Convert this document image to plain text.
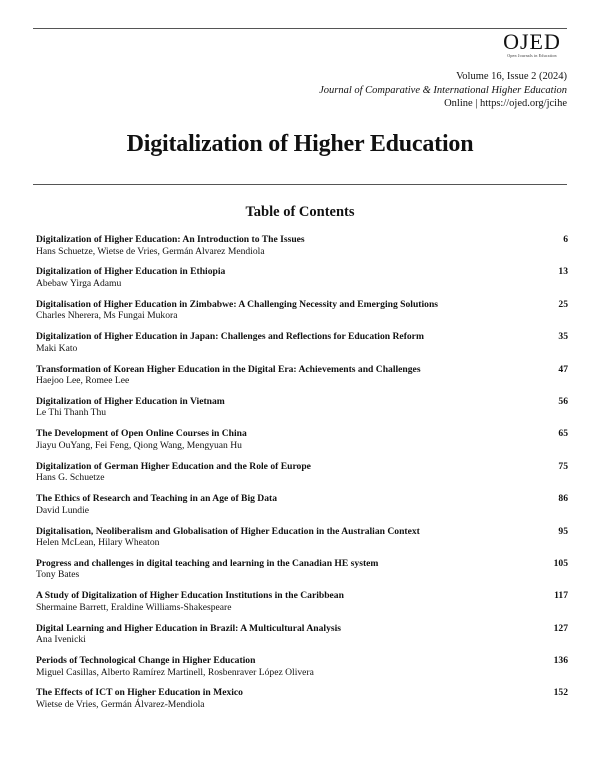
OJED
Open Journals in Education
Volume 16, Issue 2 (2024)
Journal of Comparative & International Higher Education
Online | https://ojed.org/jcihe
Digitalization of Higher Education
Table of Contents
Digitalization of Higher Education: An Introduction to The Issues
Hans Schuetze, Wietse de Vries, Germán Alvarez Mendiola
6
Digitalization of Higher Education in Ethiopia
Abebaw Yirga Adamu
13
Digitalisation of Higher Education in Zimbabwe: A Challenging Necessity and Emerging Solutions
Charles Nherera, Ms Fungai Mukora
25
Digitalization of Higher Education in Japan: Challenges and Reflections for Education Reform
Maki Kato
35
Transformation of Korean Higher Education in the Digital Era: Achievements and Challenges
Haejoo Lee, Romee Lee
47
Digitalization of Higher Education in Vietnam
Le Thi Thanh Thu
56
The Development of Open Online Courses in China
Jiayu OuYang, Fei Feng, Qiong Wang, Mengyuan Hu
65
Digitalization of German Higher Education and the Role of Europe
Hans G. Schuetze
75
The Ethics of Research and Teaching in an Age of Big Data
David Lundie
86
Digitalisation, Neoliberalism and Globalisation of Higher Education in the Australian Context
Helen McLean, Hilary Wheaton
95
Progress and challenges in digital teaching and learning in the Canadian HE system
Tony Bates
105
A Study of Digitalization of Higher Education Institutions in the Caribbean
Shermaine Barrett, Eraldine Williams-Shakespeare
117
Digital Learning and Higher Education in Brazil: A Multicultural Analysis
Ana Ivenicki
127
Periods of Technological Change in Higher Education
Miguel Casillas, Alberto Ramírez Martinell, Rosbenraver López Olivera
136
The Effects of ICT on Higher Education in Mexico
Wietse de Vries, Germán Álvarez-Mendiola
152
